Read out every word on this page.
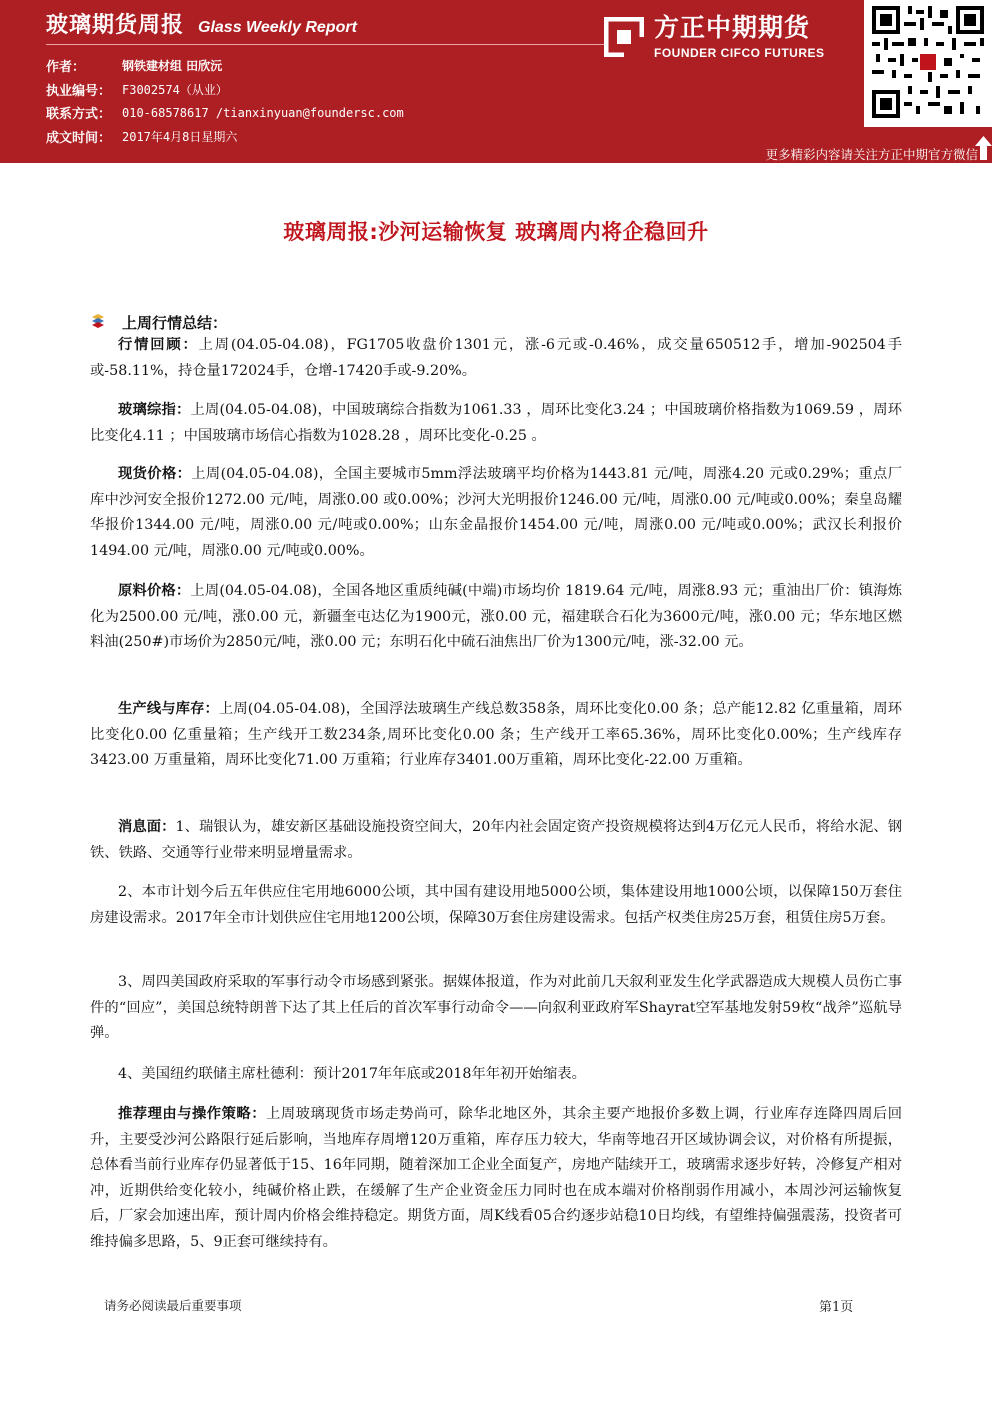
玻璃期货周报 Glass Weekly Report
作者：	钢铁建材组 田欣沅
执业编号： F3002574（从业）
联系方式： 010-68578617 /tianxinyuan@foundersc.com
成文时间： 2017年4月8日星期六
方正中期期货
FOUNDER CIFCO FUTURES
更多精彩内容请关注方正中期官方微信
玻璃周报:沙河运输恢复 玻璃周内将企稳回升
上周行情总结：
行情回顾：上周(04.05-04.08)，FG1705收盘价1301元，涨-6元或-0.46%，成交量650512手，增加-902504手或-58.11%，持仓量172024手，仓增-17420手或-9.20%。
玻璃综指：上周(04.05-04.08)，中国玻璃综合指数为1061.33 ，周环比变化3.24 ；中国玻璃价格指数为1069.59 ，周环比变化4.11 ；中国玻璃市场信心指数为1028.28 ，周环比变化-0.25 。
现货价格：上周(04.05-04.08)，全国主要城市5mm浮法玻璃平均价格为1443.81 元/吨，周涨4.20 元或0.29%；重点厂库中沙河安全报价1272.00 元/吨，周涨0.00 或0.00%；沙河大光明报价1246.00 元/吨，周涨0.00 元/吨或0.00%；秦皇岛耀华报价1344.00 元/吨，周涨0.00 元/吨或0.00%；山东金晶报价1454.00 元/吨，周涨0.00 元/吨或0.00%；武汉长利报价1494.00 元/吨，周涨0.00 元/吨或0.00%。
原料价格：上周(04.05-04.08)，全国各地区重质纯碱(中端)市场均价 1819.64 元/吨，周涨8.93 元；重油出厂价：镇海炼化为2500.00 元/吨，涨0.00 元，新疆奎屯达亿为1900元，涨0.00 元，福建联合石化为3600元/吨，涨0.00 元；华东地区燃料油(250#)市场价为2850元/吨，涨0.00 元；东明石化中硫石油焦出厂价为1300元/吨，涨-32.00 元。
生产线与库存：上周(04.05-04.08)，全国浮法玻璃生产线总数358条，周环比变化0.00 条；总产能12.82 亿重量箱，周环比变化0.00 亿重量箱；生产线开工数234条,周环比变化0.00 条；生产线开工率65.36%，周环比变化0.00%；生产线库存3423.00 万重量箱，周环比变化71.00 万重箱；行业库存3401.00万重箱，周环比变化-22.00 万重箱。
消息面：1、瑞银认为，雄安新区基础设施投资空间大，20年内社会固定资产投资规模将达到4万亿元人民币，将给水泥、钢铁、铁路、交通等行业带来明显增量需求。
2、本市计划今后五年供应住宅用地6000公顷，其中国有建设用地5000公顷，集体建设用地1000公顷，以保障150万套住房建设需求。2017年全市计划供应住宅用地1200公顷，保障30万套住房建设需求。包括产权类住房25万套，租赁住房5万套。
3、周四美国政府采取的军事行动令市场感到紧张。据媒体报道，作为对此前几天叙利亚发生化学武器造成大规模人员伤亡事件的“回应”，美国总统特朗普下达了其上任后的首次军事行动命令——向叙利亚政府军Shayrat空军基地发射59枚“战斧”巡航导弹。
4、美国纽约联储主席杜德利：预计2017年年底或2018年年初开始缩表。
推荐理由与操作策略：上周玻璃现货市场走势尚可，除华北地区外，其余主要产地报价多数上调，行业库存连降四周后回升，主要受沙河公路限行延后影响，当地库存周增120万重箱，库存压力较大，华南等地召开区域协调会议，对价格有所提振，总体看当前行业库存仍显著低于15、16年同期，随着深加工企业全面复产，房地产陆续开工，玻璃需求逐步好转，冷修复产相对冲，近期供给变化较小，纯碱价格止跌，在缓解了生产企业资金压力同时也在成本端对价格削弱作用减小，本周沙河运输恢复后，厂家会加速出库，预计周内价格会维持稳定。期货方面，周K线看05合约逐步站稳10日均线，有望维持偏强震荡，投资者可维持偏多思路，5、9正套可继续持有。
请务必阅读最后重要事项	第1页
